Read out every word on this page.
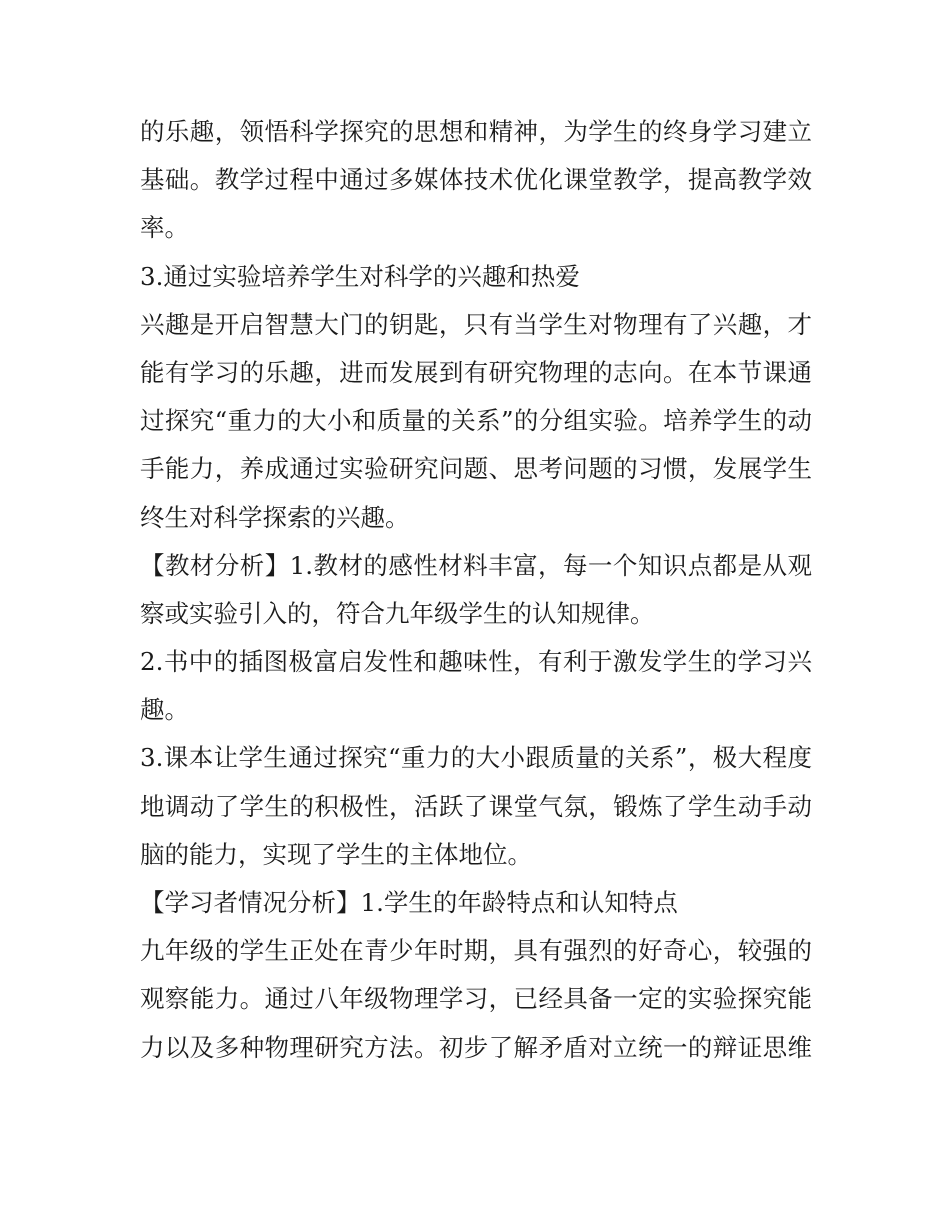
的乐趣，领悟科学探究的思想和精神，为学生的终身学习建立
基础。教学过程中通过多媒体技术优化课堂教学，提高教学效
率。
3.通过实验培养学生对科学的兴趣和热爱
兴趣是开启智慧大门的钥匙，只有当学生对物理有了兴趣，才
能有学习的乐趣，进而发展到有研究物理的志向。在本节课通
过探究“重力的大小和质量的关系”的分组实验。培养学生的动
手能力，养成通过实验研究问题、思考问题的习惯，发展学生
终生对科学探索的兴趣。
【教材分析】1.教材的感性材料丰富，每一个知识点都是从观
察或实验引入的，符合九年级学生的认知规律。
2.书中的插图极富启发性和趣味性，有利于激发学生的学习兴
趣。
3.课本让学生通过探究“重力的大小跟质量的关系”，极大程度
地调动了学生的积极性，活跃了课堂气氛，锻炼了学生动手动
脑的能力，实现了学生的主体地位。
【学习者情况分析】1.学生的年龄特点和认知特点
九年级的学生正处在青少年时期，具有强烈的好奇心，较强的
观察能力。通过八年级物理学习，已经具备一定的实验探究能
力以及多种物理研究方法。初步了解矛盾对立统一的辩证思维
